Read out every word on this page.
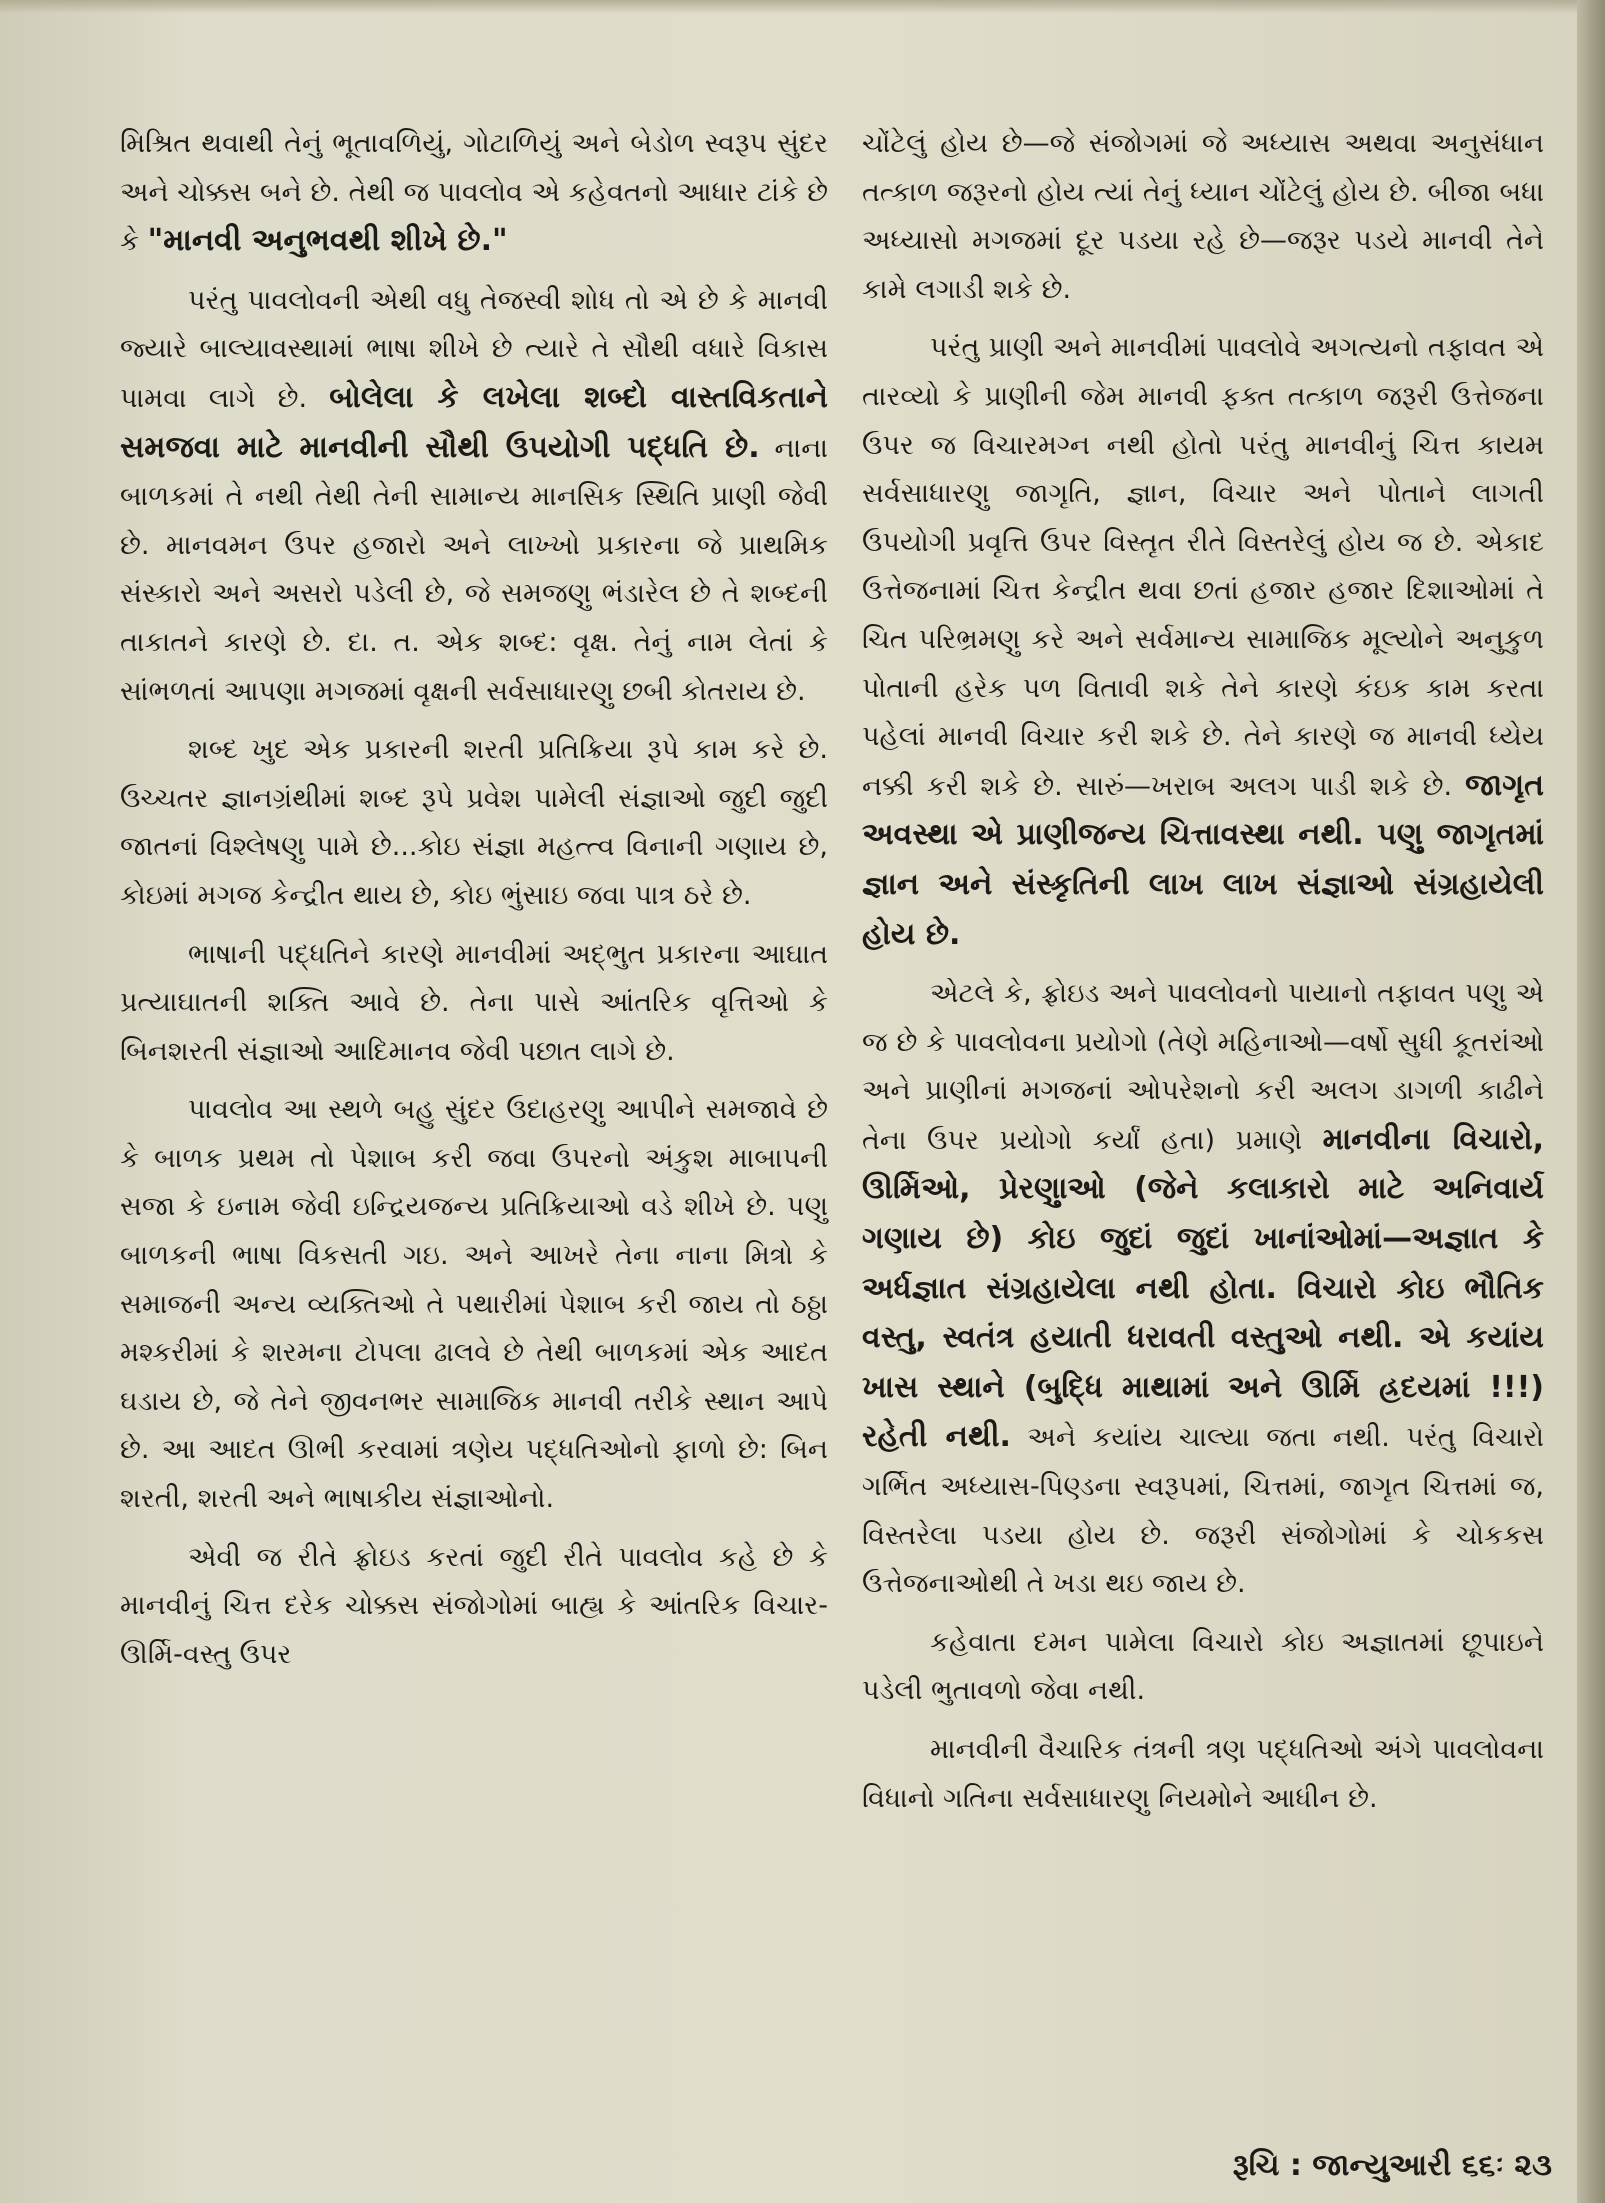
મિશ્રિત થવાથી તેનું ભૂતાવળિયું, ગોટાળિયું અને બેડોળ સ્વરૂપ સુંદર અને ચોક્કસ બને છે. તેથી જ પાવલોવ એ કહેવતનો આધાર ટાંકે છે કે "માનવી અનુભવથી શીખે છે."

પરંતુ પાવલોવની એથી વધુ તેજસ્વી શોધ તો એ છે કે માનવી જ્યારે બાલ્યાવસ્થામાં ભાષા શીખે છે ત્યારે તે સૌથી વધારે વિકાસ પામવા લાગે છે. બોલેલા કે લખેલા શબ્દો વાસ્તવિકતાને સમજવા માટે માનવીની સૌથી ઉપયોગી પદ્ધતિ છે. નાના બાળકમાં તે નથી તેથી તેની સામાન્ય માનસિક સ્થિતિ પ્રાણી જેવી છે. માનવમન ઉપર હજારો અને લાખ્ખો પ્રકારના જે પ્રાથમિક સંસ્કારો અને અસરો પડેલી છે, જે સમજણુ ભંડારેલ છે તે શબ્દની તાકાતને કારણે છે. દા. ત. એક શબ્દ: વૃક્ષ. તેનું નામ લેતાં કે સાંભળતાં આપણા મગજમાં વૃક્ષની સર્વસાધારણુ છબી કોતરાય છે.

શબ્દ ખુદ એક પ્રકારની શરતી પ્રતિક્રિયા રૂપે કામ કરે છે. ઉચ્ચતર જ્ઞાનગ્રંથીમાં શબ્દ રૂપે પ્રવેશ પામેલી સંજ્ઞાઓ જુદી જુદી જાતનાં વિશ્લેષણુ પામે છે...કોઇ સંજ્ઞા મહત્ત્વ વિનાની ગણાય છે, કોઇમાં મગજ કેન્દ્રીત થાય છે, કોઇ ભુંસાઇ જવા પાત્ર ઠરે છે.

ભાષાની પદ્ધતિને કારણે માનવીમાં અદ્ભુત પ્રકારના આઘાત પ્રત્યાઘાતની શક્તિ આવે છે. તેના પાસે આંતરિક વૃત્તિઓ કે બિનશરતી સંજ્ઞાઓ આદિમાનવ જેવી પછાત લાગે છે.

પાવલોવ આ સ્થળે બહુ સુંદર ઉદાહરણુ આપીને સમજાવે છે કે બાળક પ્રથમ તો પેશાબ કરી જવા ઉપરનો અંકુશ માબાપની સજા કે ઇનામ જેવી ઇન્દ્રિયજન્ય પ્રતિક્રિયાઓ વડે શીખે છે. પણુ બાળકની ભાષા વિકસતી ગઇ. અને આખરે તેના નાના મિત્રો કે સમાજની અન્ય વ્યક્તિઓ તે પથારીમાં પેશાબ કરી જાય તો ઠઠ્ઠા મશ્કરીમાં કે શરમના ટોપલા ઢાલવે છે તેથી બાળકમાં એક આદત ઘડાય છે, જે તેને જીવનભર સામાજિક માનવી તરીકે સ્થાન આપે છે. આ આદત ઊભી કરવામાં ત્રણેય પદ્ધતિઓનો ફાળો છે: બિન શરતી, શરતી અને ભાષાકીય સંજ્ઞાઓનો.

એવી જ રીતે ફ્રોઇડ કરતાં જુદી રીતે પાવલોવ કહે છે કે માનવીનું ચિત્ત દરેક ચોક્કસ સંજોગોમાં બાહ્ય કે આંતરિક વિચાર-ઊર્મિ-વસ્તુ ઉપર

ચોંટેલું હોય છે—જે સંજોગમાં જે અધ્યાસ અથવા અનુસંધાન તત્કાળ જરૂરનો હોય ત્યાં તેનું ધ્યાન ચોંટેલું હોય છે. બીજા બધા અધ્યાસો મગજમાં દૂર પડયા રહે છે—જરૂર પડયે માનવી તેને કામે લગાડી શકે છે.

પરંતુ પ્રાણી અને માનવીમાં પાવલોવે અગત્યનો તફાવત એ તારવ્યો કે પ્રાણીની જેમ માનવી ફક્ત તત્કાળ જરૂરી ઉત્તેજના ઉપર જ વિચારમગ્ન નથી હોતો પરંતુ માનવીનું ચિત્ત કાયમ સર્વસાધારણુ જાગૃતિ, જ્ઞાન, વિચાર અને પોતાને લાગતી ઉપયોગી પ્રવૃત્તિ ઉપર વિસ્તૃત રીતે વિસ્તરેલું હોય જ છે. એકાદ ઉત્તેજનામાં ચિત્ત કેન્દ્રીત થવા છતાં હજાર હજાર દિશાઓમાં તે ચિત પરિભ્રમણુ કરે અને સર્વમાન્ય સામાજિક મૂલ્યોને અનુકુળ પોતાની હરેક પળ વિતાવી શકે તેને કારણે કંઇક કામ કરતા પહેલાં માનવી વિચાર કરી શકે છે. તેને કારણે જ માનવી ધ્યેય નક્કી કરી શકે છે. સારું—ખરાબ અલગ પાડી શકે છે. જાગૃત અવસ્થા એ પ્રાણીજન્ય ચિત્તાવસ્થા નથી. પણુ જાગૃતમાં જ્ઞાન અને સંસ્કૃતિની લાખ લાખ સંજ્ઞાઓ સંગ્રહાયેલી હોય છે.

એટલે કે, ફ્રોઇડ અને પાવલોવનો પાયાનો તફાવત પણુ એ જ છે કે પાવલોવના પ્રયોગો (તેણે મહિનાઓ—વર્ષો સુધી કૂતરાંઓ અને પ્રાણીનાં મગજનાં ઓપરેશનો કરી અલગ ડાગળી કાઢીને તેના ઉપર પ્રયોગો કર્યાં હતા) પ્રમાણે માનવીના વિચારો, ઊર્મિઓ, પ્રેરણુાઓ (જેને કલાકારો માટે અનિવાર્ય ગણાય છે) કોઇ જુદાં જુદાં ખાનાંઓમાં—અજ્ઞાત કે અર્ધજ્ઞાત સંગ્રહાયેલા નથી હોતા. વિચારો કોઇ ભૌતિક વસ્તુ, સ્વતંત્ર હયાતી ધરાવતી વસ્તુઓ નથી. એ કયાંય ખાસ સ્થાને (બુદ્ધિ માથામાં અને ઊર્મિ હ્રદયમાં !!!) રહેતી નથી. અને કયાંય ચાલ્યા જતા નથી. પરંતુ વિચારો ગર્ભિત અધ્યાસ-પિણ્ડના સ્વરૂપમાં, ચિત્તમાં, જાગૃત ચિત્તમાં જ, વિસ્તરેલા પડયા હોય છે. જરૂરી સંજોગોમાં કે ચોકકસ ઉત્તેજનાઓથી તે ખડા થઇ જાય છે.

કહેવાતા દમન પામેલા વિચારો કોઇ અજ્ઞાતમાં છૂપાઇને પડેલી ભુતાવળો જેવા નથી.

માનવીની વૈચારિક તંત્રની ત્રણ પદ્ધતિઓ અંગે પાવલોવના વિધાનો ગતિના સર્વસાધારણુ નિયમોને આધીન છે.

રૂચિ : જાન્યુઆરી ૬૬ઃ ૨૩
